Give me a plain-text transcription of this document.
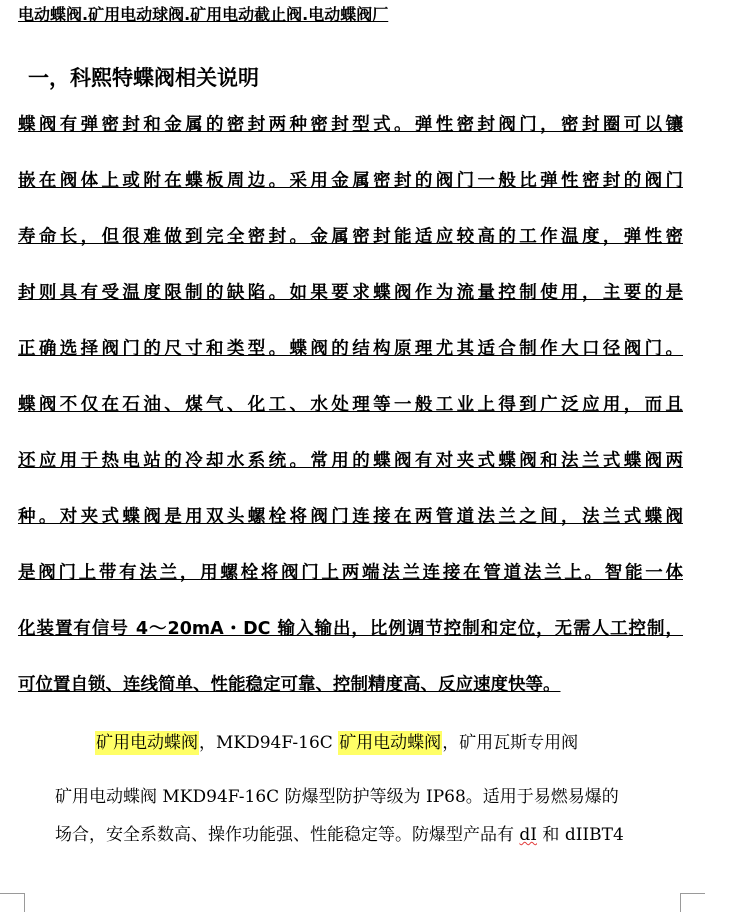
电动蝶阀.矿用电动球阀.矿用电动截止阀.电动蝶阀厂
一，科熙特蝶阀相关说明
蝶阀有弹密封和金属的密封两种密封型式。弹性密封阀门，密封圈可以镶
嵌在阀体上或附在蝶板周边。采用金属密封的阀门一般比弹性密封的阀门
寿命长，但很难做到完全密封。金属密封能适应较高的工作温度，弹性密
封则具有受温度限制的缺陷。如果要求蝶阀作为流量控制使用，主要的是
正确选择阀门的尺寸和类型。蝶阀的结构原理尤其适合制作大口径阀门。
蝶阀不仅在石油、煤气、化工、水处理等一般工业上得到广泛应用，而且
还应用于热电站的冷却水系统。常用的蝶阀有对夹式蝶阀和法兰式蝶阀两
种。对夹式蝶阀是用双头螺栓将阀门连接在两管道法兰之间，法兰式蝶阀
是阀门上带有法兰，用螺栓将阀门上两端法兰连接在管道法兰上。智能一体
化装置有信号 4～20mA・DC 输入输出，比例调节控制和定位，无需人工控制，
可位置自锁、连线简单、性能稳定可靠、控制精度高、反应速度快等。
矿用电动蝶阀，MKD94F-16C 矿用电动蝶阀，矿用瓦斯专用阀
矿用电动蝶阀 MKD94F-16C 防爆型防护等级为 IP68。适用于易燃易爆的
场合，安全系数高、操作功能强、性能稳定等。防爆型产品有 dI 和 dIIBT4
